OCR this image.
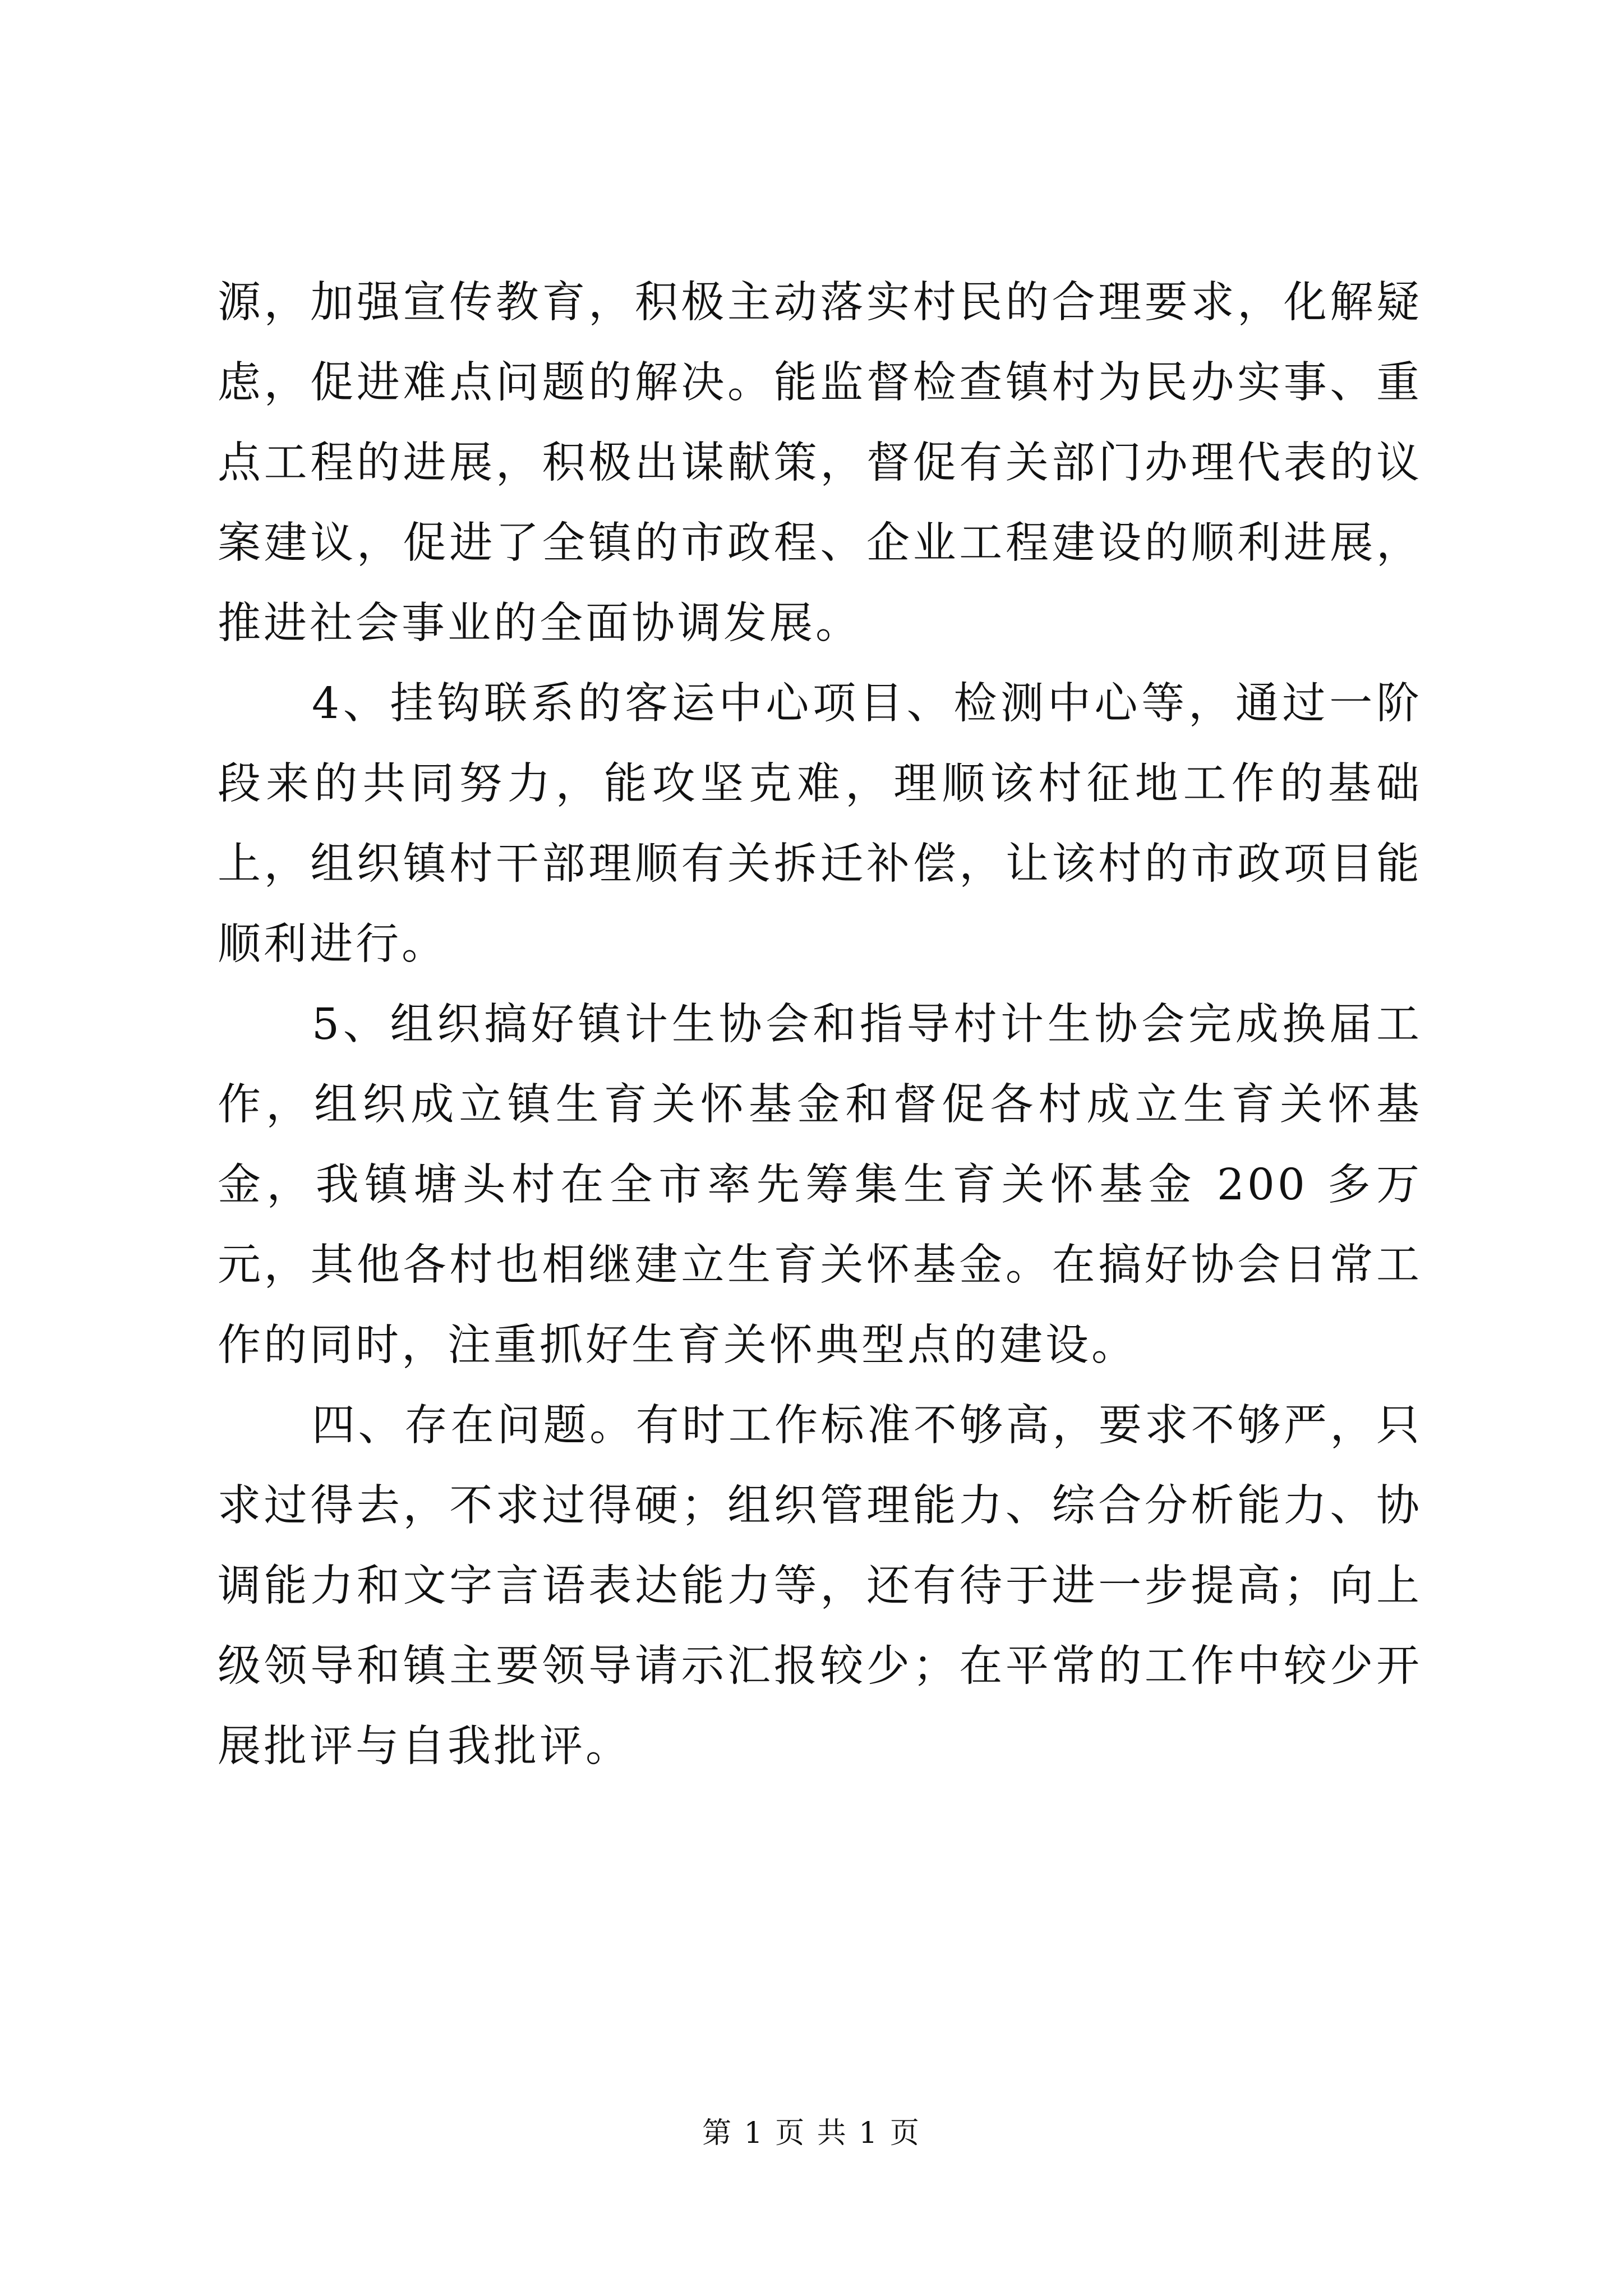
源，加强宣传教育，积极主动落实村民的合理要求，化解疑虑，促进难点问题的解决。能监督检查镇村为民办实事、重点工程的进展，积极出谋献策，督促有关部门办理代表的议案建议，促进了全镇的市政程、企业工程建设的顺利进展，推进社会事业的全面协调发展。

4、挂钩联系的客运中心项目、检测中心等，通过一阶段来的共同努力，能攻坚克难，理顺该村征地工作的基础上，组织镇村干部理顺有关拆迁补偿，让该村的市政项目能顺利进行。

5、组织搞好镇计生协会和指导村计生协会完成换届工作，组织成立镇生育关怀基金和督促各村成立生育关怀基金，我镇塘头村在全市率先筹集生育关怀基金 200 多万元，其他各村也相继建立生育关怀基金。在搞好协会日常工作的同时，注重抓好生育关怀典型点的建设。

四、存在问题。有时工作标准不够高，要求不够严，只求过得去，不求过得硬；组织管理能力、综合分析能力、协调能力和文字言语表达能力等，还有待于进一步提高；向上级领导和镇主要领导请示汇报较少；在平常的工作中较少开展批评与自我批评。

第 1 页 共 1 页
